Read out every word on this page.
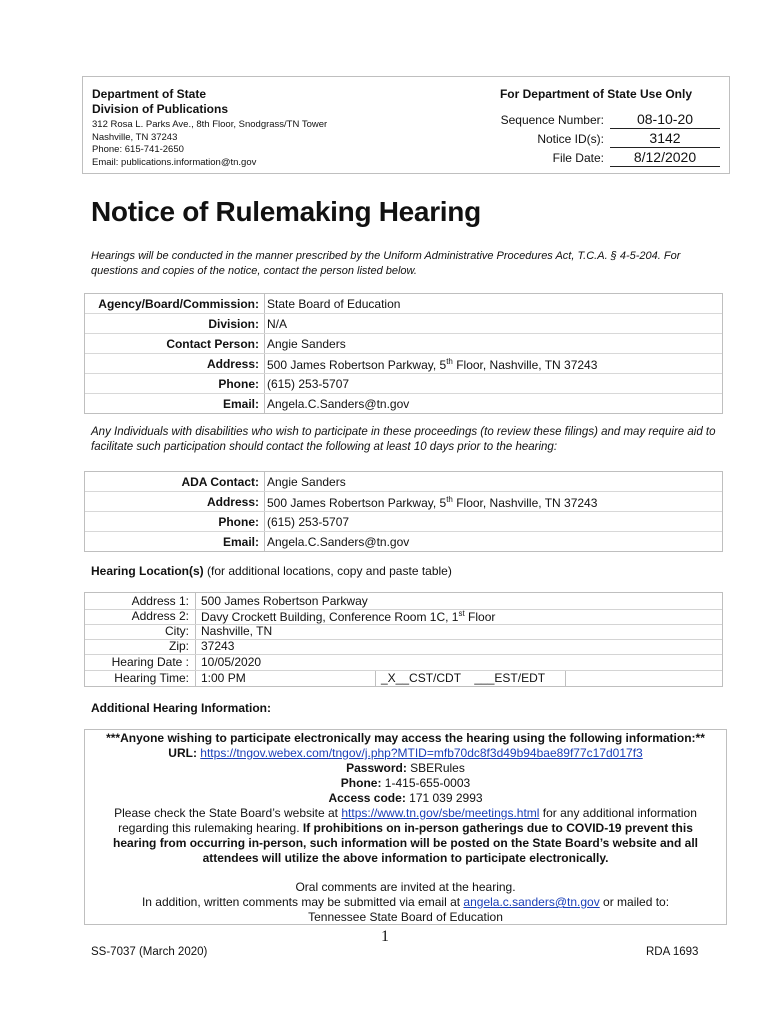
Department of State
Division of Publications
312 Rosa L. Parks Ave., 8th Floor, Snodgrass/TN Tower
Nashville, TN 37243
Phone: 615-741-2650
Email: publications.information@tn.gov
For Department of State Use Only
Sequence Number:	08-10-20
Notice ID(s):	3142
File Date:	8/12/2020
Notice of Rulemaking Hearing
Hearings will be conducted in the manner prescribed by the Uniform Administrative Procedures Act, T.C.A. § 4-5-204. For questions and copies of the notice, contact the person listed below.
Agency/Board/Commission: State Board of Education
Division: N/A
Contact Person: Angie Sanders
Address: 500 James Robertson Parkway, 5th Floor, Nashville, TN 37243
Phone: (615) 253-5707
Email: Angela.C.Sanders@tn.gov
Any Individuals with disabilities who wish to participate in these proceedings (to review these filings) and may require aid to facilitate such participation should contact the following at least 10 days prior to the hearing:
ADA Contact: Angie Sanders
Address: 500 James Robertson Parkway, 5th Floor, Nashville, TN 37243
Phone: (615) 253-5707
Email: Angela.C.Sanders@tn.gov
Hearing Location(s) (for additional locations, copy and paste table)
Address 1: 500 James Robertson Parkway
Address 2: Davy Crockett Building, Conference Room 1C, 1st Floor
City: Nashville, TN
Zip: 37243
Hearing Date : 10/05/2020
Hearing Time: 1:00 PM	_X__CST/CDT ___EST/EDT
Additional Hearing Information:
***Anyone wishing to participate electronically may access the hearing using the following information:**
URL: https://tngov.webex.com/tngov/j.php?MTID=mfb70dc8f3d49b94bae89f77c17d017f3
Password: SBERules
Phone: 1-415-655-0003
Access code: 171 039 2993
Please check the State Board’s website at https://www.tn.gov/sbe/meetings.html for any additional information
regarding this rulemaking hearing. If prohibitions on in-person gatherings due to COVID-19 prevent this
hearing from occurring in-person, such information will be posted on the State Board’s website and all
attendees will utilize the above information to participate electronically.
Oral comments are invited at the hearing.
In addition, written comments may be submitted via email at angela.c.sanders@tn.gov or mailed to:
Tennessee State Board of Education
1
SS-7037 (March 2020)	RDA 1693
